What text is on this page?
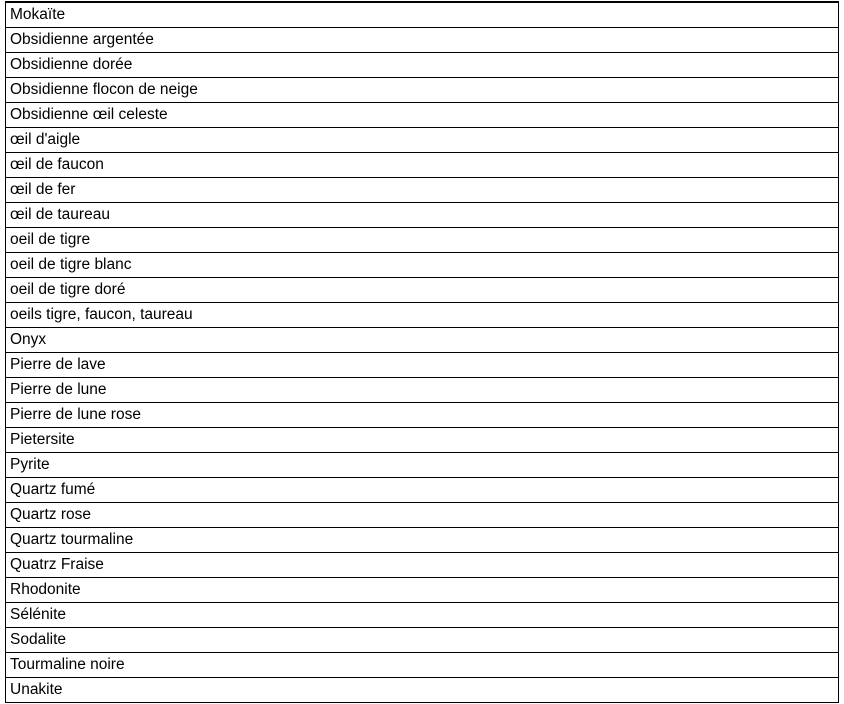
Mokaïte
Obsidienne argentée
Obsidienne dorée
Obsidienne flocon de neige
Obsidienne œil celeste
œil d'aigle
œil de faucon
œil de fer
œil de taureau
oeil de tigre
oeil de tigre blanc
oeil de tigre doré
oeils tigre, faucon, taureau
Onyx
Pierre de lave
Pierre de lune
Pierre de lune rose
Pietersite
Pyrite
Quartz fumé
Quartz rose
Quartz tourmaline
Quatrz Fraise
Rhodonite
Sélénite
Sodalite
Tourmaline noire
Unakite
